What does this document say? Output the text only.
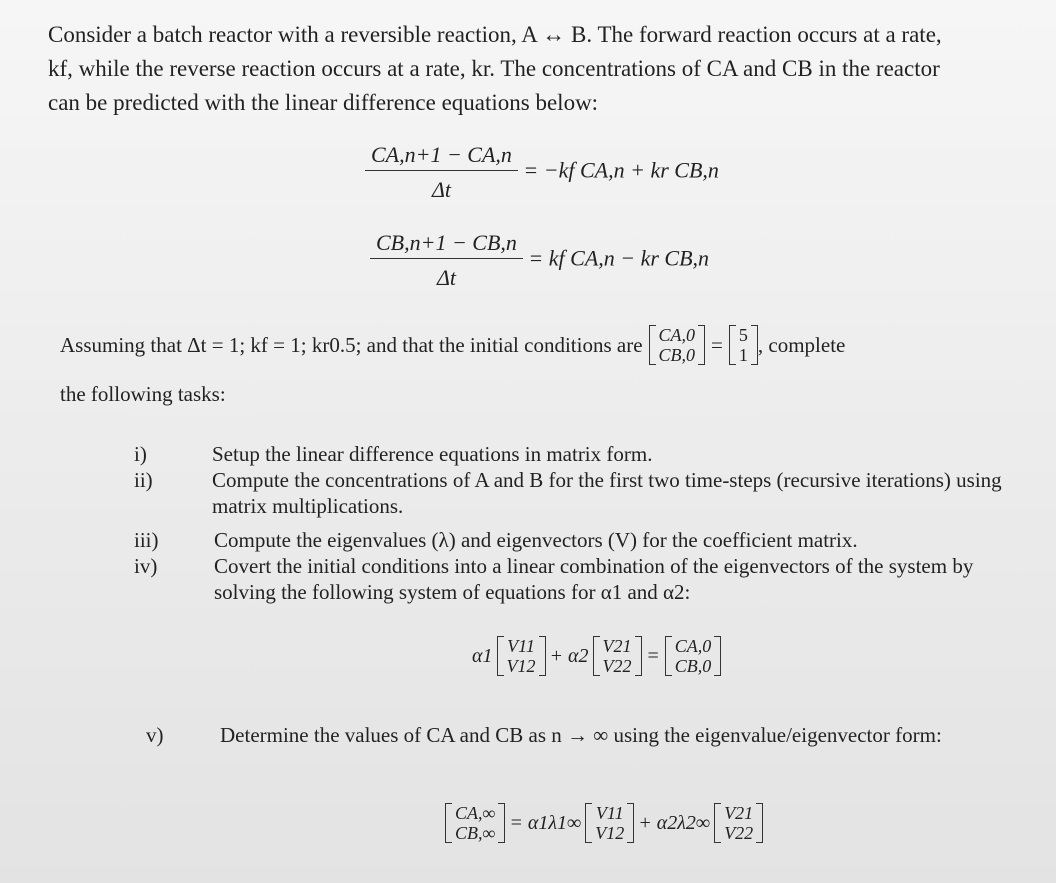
Consider a batch reactor with a reversible reaction, A ↔ B. The forward reaction occurs at a rate,
kf, while the reverse reaction occurs at a rate, kr. The concentrations of CA and CB in the reactor
can be predicted with the linear difference equations below:
$\frac{CA,n+1 - CA,n}{\Delta t} = -kf$ CA,n + kr CB,n
$\frac{CB,n+1 - CB,n}{\Delta t}$ = kf CA,n − kr CB,n
Assuming that Δt = 1; kf = 1; kr0.5; and that the initial conditions are CA,0
CB,0 = 5
1 , complete
the following tasks:
i)	Setup the linear difference equations in matrix form.
ii)	Compute the concentrations of A and B for the first two time-steps (recursive iterations) using matrix multiplications.
iii)	Compute the eigenvalues (λ) and eigenvectors (V) for the coefficient matrix.
iv)	Covert the initial conditions into a linear combination of the eigenvectors of the system by solving the following system of equations for α1 and α2:
α1 V11
V12 + α2 V21
V22 = CA,0
CB,0
v)	Determine the values of CA and CB as n → ∞ using the eigenvalue/eigenvector form:
CA,∞
CB,∞ = α1λ1∞ V11
V12 + α2λ2∞ V21
V22
